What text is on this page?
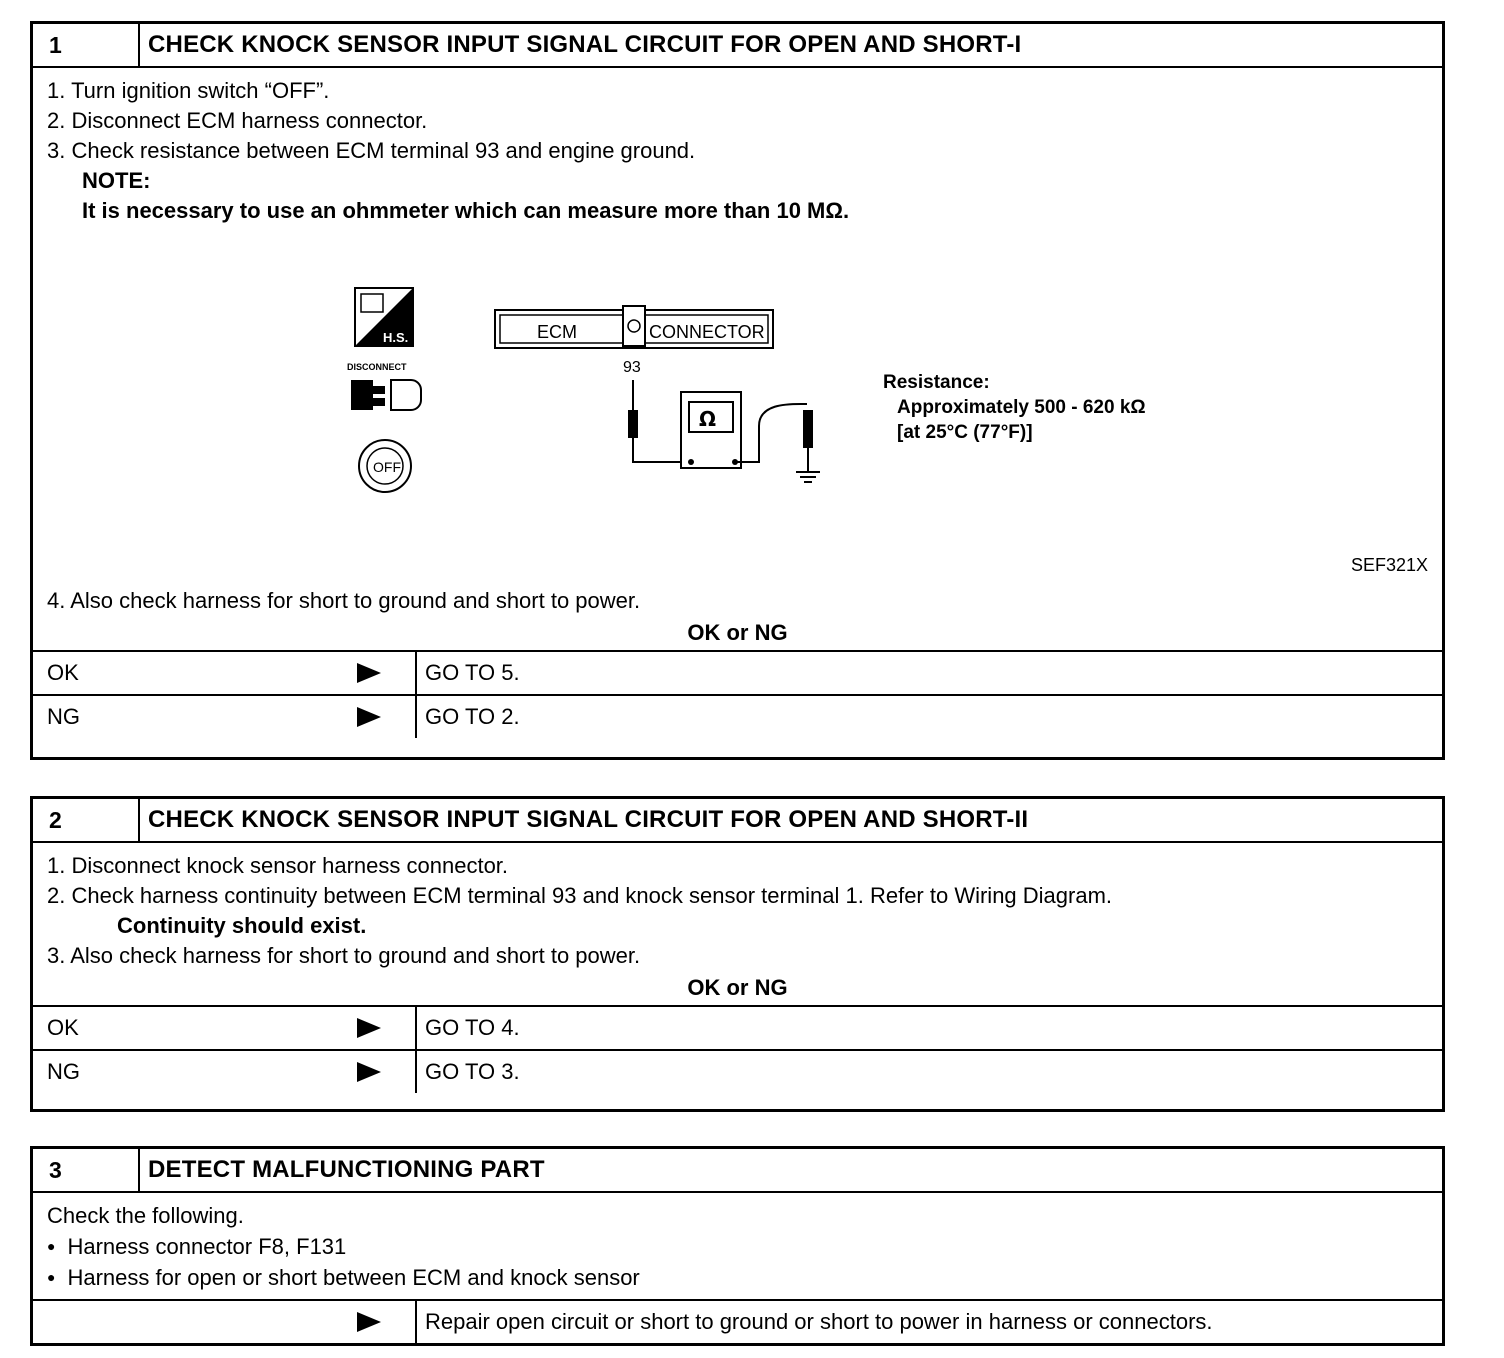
1	CHECK KNOCK SENSOR INPUT SIGNAL CIRCUIT FOR OPEN AND SHORT-I
1. Turn ignition switch “OFF”.
2. Disconnect ECM harness connector.
3. Check resistance between ECM terminal 93 and engine ground.
NOTE:
It is necessary to use an ohmmeter which can measure more than 10 MΩ.
H.S.
DISCONNECT
OFF
ECM	CONNECTOR
93
Ω
Resistance:
Approximately 500 - 620 kΩ
[at 25°C (77°F)]
SEF321X
4. Also check harness for short to ground and short to power.
OK or NG
OK	GO TO 5.
NG	GO TO 2.
2	CHECK KNOCK SENSOR INPUT SIGNAL CIRCUIT FOR OPEN AND SHORT-II
1. Disconnect knock sensor harness connector.
2. Check harness continuity between ECM terminal 93 and knock sensor terminal 1. Refer to Wiring Diagram.
Continuity should exist.
3. Also check harness for short to ground and short to power.
OK or NG
OK	GO TO 4.
NG	GO TO 3.
3	DETECT MALFUNCTIONING PART
Check the following.
● Harness connector F8, F131
● Harness for open or short between ECM and knock sensor
Repair open circuit or short to ground or short to power in harness or connectors.
